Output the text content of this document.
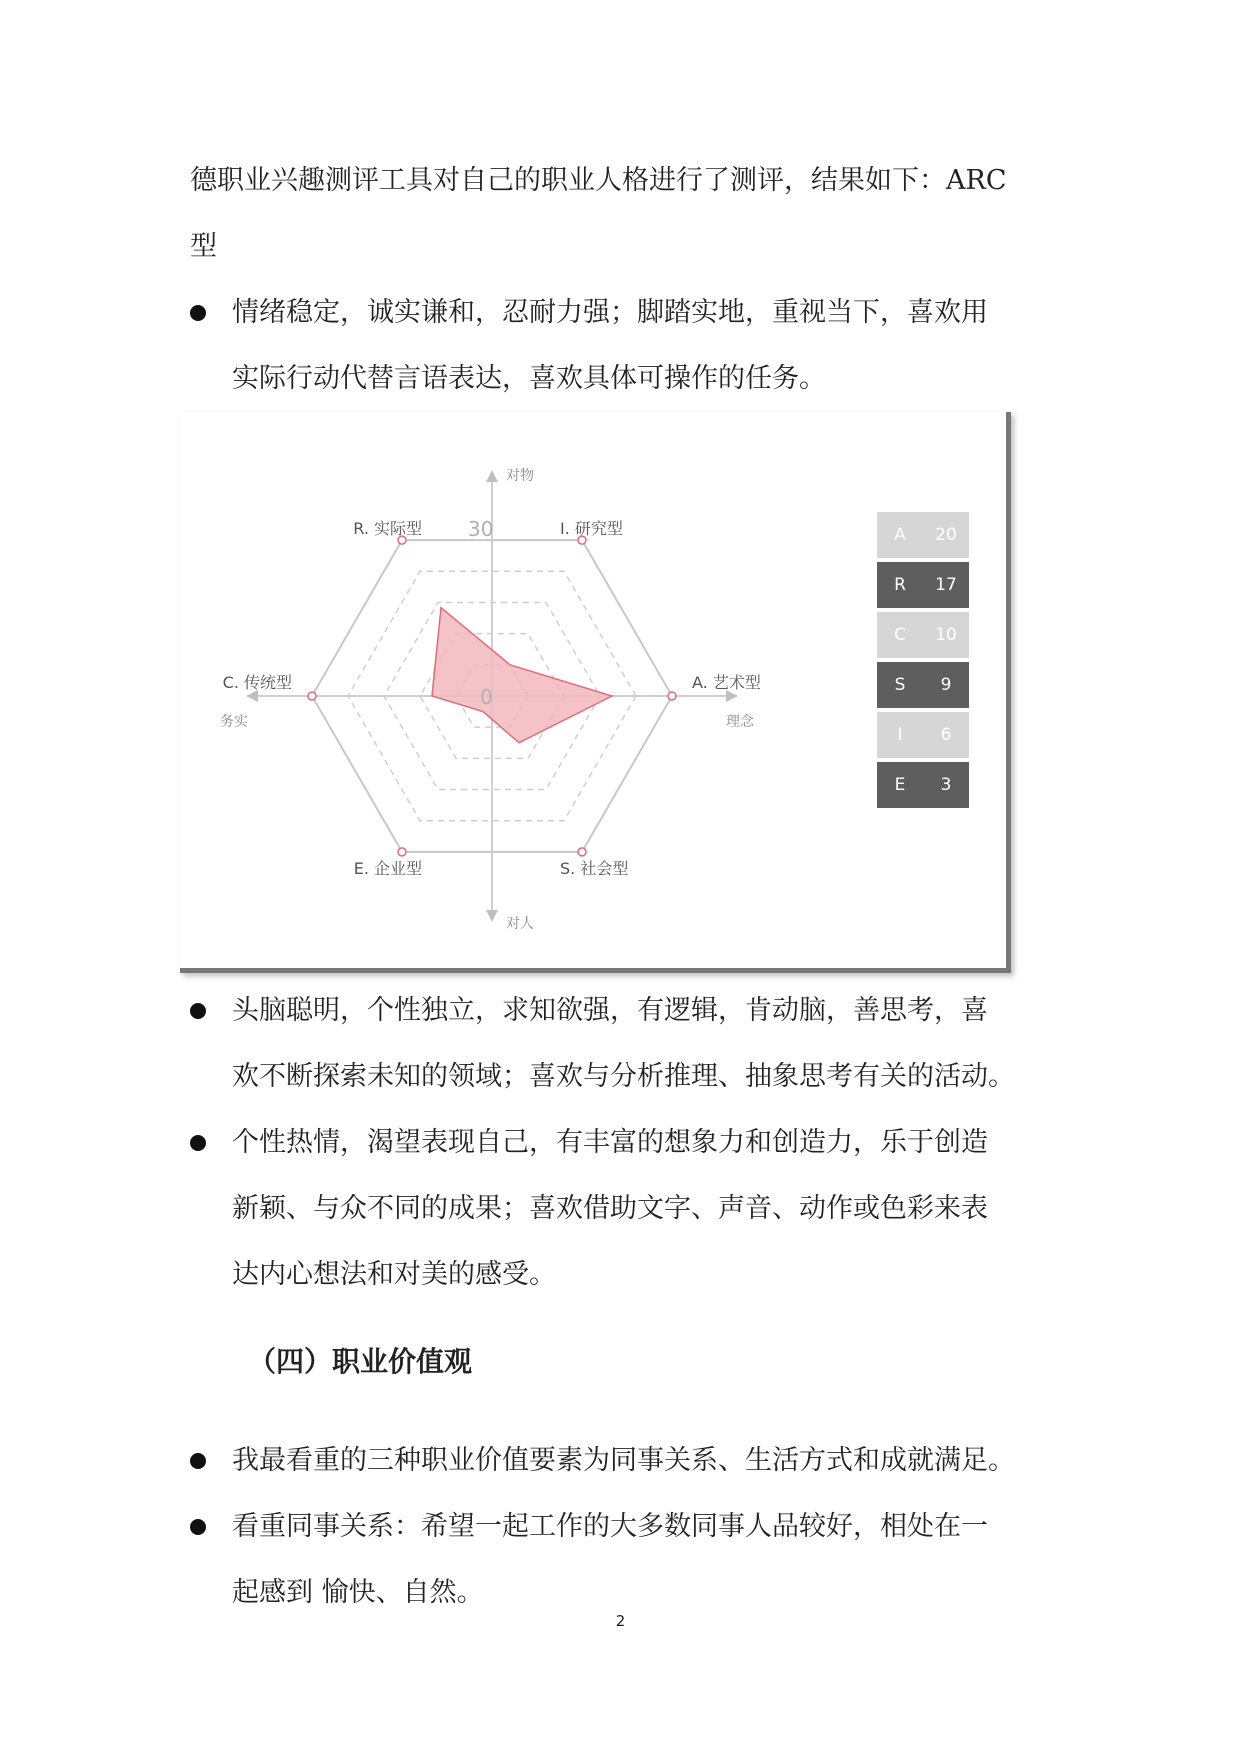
德职业兴趣测评工具对自己的职业人格进行了测评，结果如下：ARC

型

情绪稳定，诚实谦和，忍耐力强；脚踏实地，重视当下，喜欢用
实际行动代替言语表达，喜欢具体可操作的任务。
30
0
A. 艺术型
S. 社会型
E. 企业型
C. 传统型
R. 实际型	I. 研究型
对物
对人
务实	理念
A	20
R	17
C	10
S	9
I	6
E	3
头脑聪明，个性独立，求知欲强，有逻辑，肯动脑，善思考，喜
欢不断探索未知的领域；喜欢与分析推理、抽象思考有关的活动。
个性热情，渴望表现自己，有丰富的想象力和创造力，乐于创造
新颖、与众不同的成果；喜欢借助文字、声音、动作或色彩来表
达内心想法和对美的感受。
（四）职业价值观
我最看重的三种职业价值要素为同事关系、生活方式和成就满足。
看重同事关系：希望一起工作的大多数同事人品较好，相处在一
起感到 愉快、自然。
2
